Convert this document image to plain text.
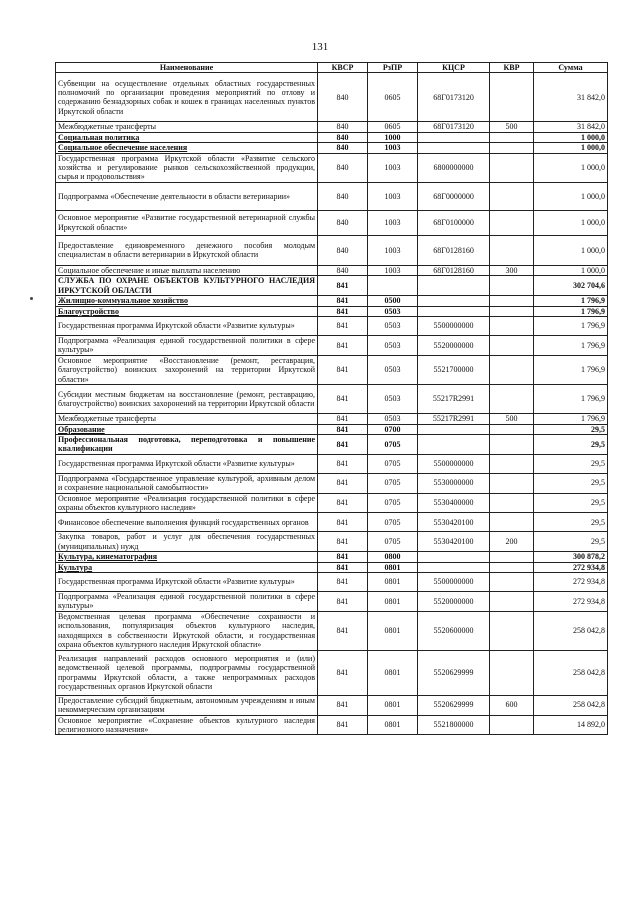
131
Наименование	КВСР	РзПР	КЦСР	КВР	Сумма
Субвенции на осуществление отдельных областных государственных полномочий по организации проведения мероприятий по отлову и содержанию безнадзорных собак и кошек в границах населенных пунктов Иркутской области	840	0605	68Г0173120		31 842,0
Межбюджетные трансферты	840	0605	68Г0173120	500	31 842,0
Социальная политика	840	1000			1 000,0
Социальное обеспечение населения	840	1003			1 000,0
Государственная программа Иркутской области «Развитие сельского хозяйства и регулирование рынков сельскохозяйственной продукции, сырья и продовольствия»	840	1003	6800000000		1 000,0
Подпрограмма «Обеспечение деятельности в области ветеринарии»	840	1003	68Г0000000		1 000,0
Основное мероприятие «Развитие государственной ветеринарной службы Иркутской области»	840	1003	68Г0100000		1 000,0
Предоставление единовременного денежного пособия молодым специалистам в области ветеринарии в Иркутской области	840	1003	68Г0128160		1 000,0
Социальное обеспечение и иные выплаты населению	840	1003	68Г0128160	300	1 000,0
СЛУЖБА ПО ОХРАНЕ ОБЪЕКТОВ КУЛЬТУРНОГО НАСЛЕДИЯ ИРКУТСКОЙ ОБЛАСТИ	841				302 704,6
Жилищно-коммунальное хозяйство	841	0500			1 796,9
Благоустройство	841	0503			1 796,9
Государственная программа Иркутской области «Развитие культуры»	841	0503	5500000000		1 796,9
Подпрограмма «Реализация единой государственной политики в сфере культуры»	841	0503	5520000000		1 796,9
Основное мероприятие «Восстановление (ремонт, реставрация, благоустройство) воинских захоронений на территории Иркутской области»	841	0503	5521700000		1 796,9
Субсидии местным бюджетам на восстановление (ремонт, реставрацию, благоустройство) воинских захоронений на территории Иркутской области	841	0503	55217R2991		1 796,9
Межбюджетные трансферты	841	0503	55217R2991	500	1 796,9
Образование	841	0700			29,5
Профессиональная подготовка, переподготовка и повышение квалификации	841	0705			29,5
Государственная программа Иркутской области «Развитие культуры»	841	0705	5500000000		29,5
Подпрограмма «Государственное управление культурой, архивным делом и сохранение национальной самобытности»	841	0705	5530000000		29,5
Основное мероприятие «Реализация государственной политики в сфере охраны объектов культурного наследия»	841	0705	5530400000		29,5
Финансовое обеспечение выполнения функций государственных органов	841	0705	5530420100		29,5
Закупка товаров, работ и услуг для обеспечения государственных (муниципальных) нужд	841	0705	5530420100	200	29,5
Культура, кинематография	841	0800			300 878,2
Культура	841	0801			272 934,8
Государственная программа Иркутской области «Развитие культуры»	841	0801	5500000000		272 934,8
Подпрограмма «Реализация единой государственной политики в сфере культуры»	841	0801	5520000000		272 934,8
Ведомственная целевая программа «Обеспечение сохранности и использования, популяризация объектов культурного наследия, находящихся в собственности Иркутской области, и государственная охрана объектов культурного наследия Иркутской области»	841	0801	5520600000		258 042,8
Реализация направлений расходов основного мероприятия и (или) ведомственной целевой программы, подпрограммы государственной программы Иркутской области, а также непрограммных расходов государственных органов Иркутской области	841	0801	5520629999		258 042,8
Предоставление субсидий бюджетным, автономным учреждениям и иным некоммерческим организациям	841	0801	5520629999	600	258 042,8
Основное мероприятие «Сохранение объектов культурного наследия религиозного назначения»	841	0801	5521800000		14 892,0
